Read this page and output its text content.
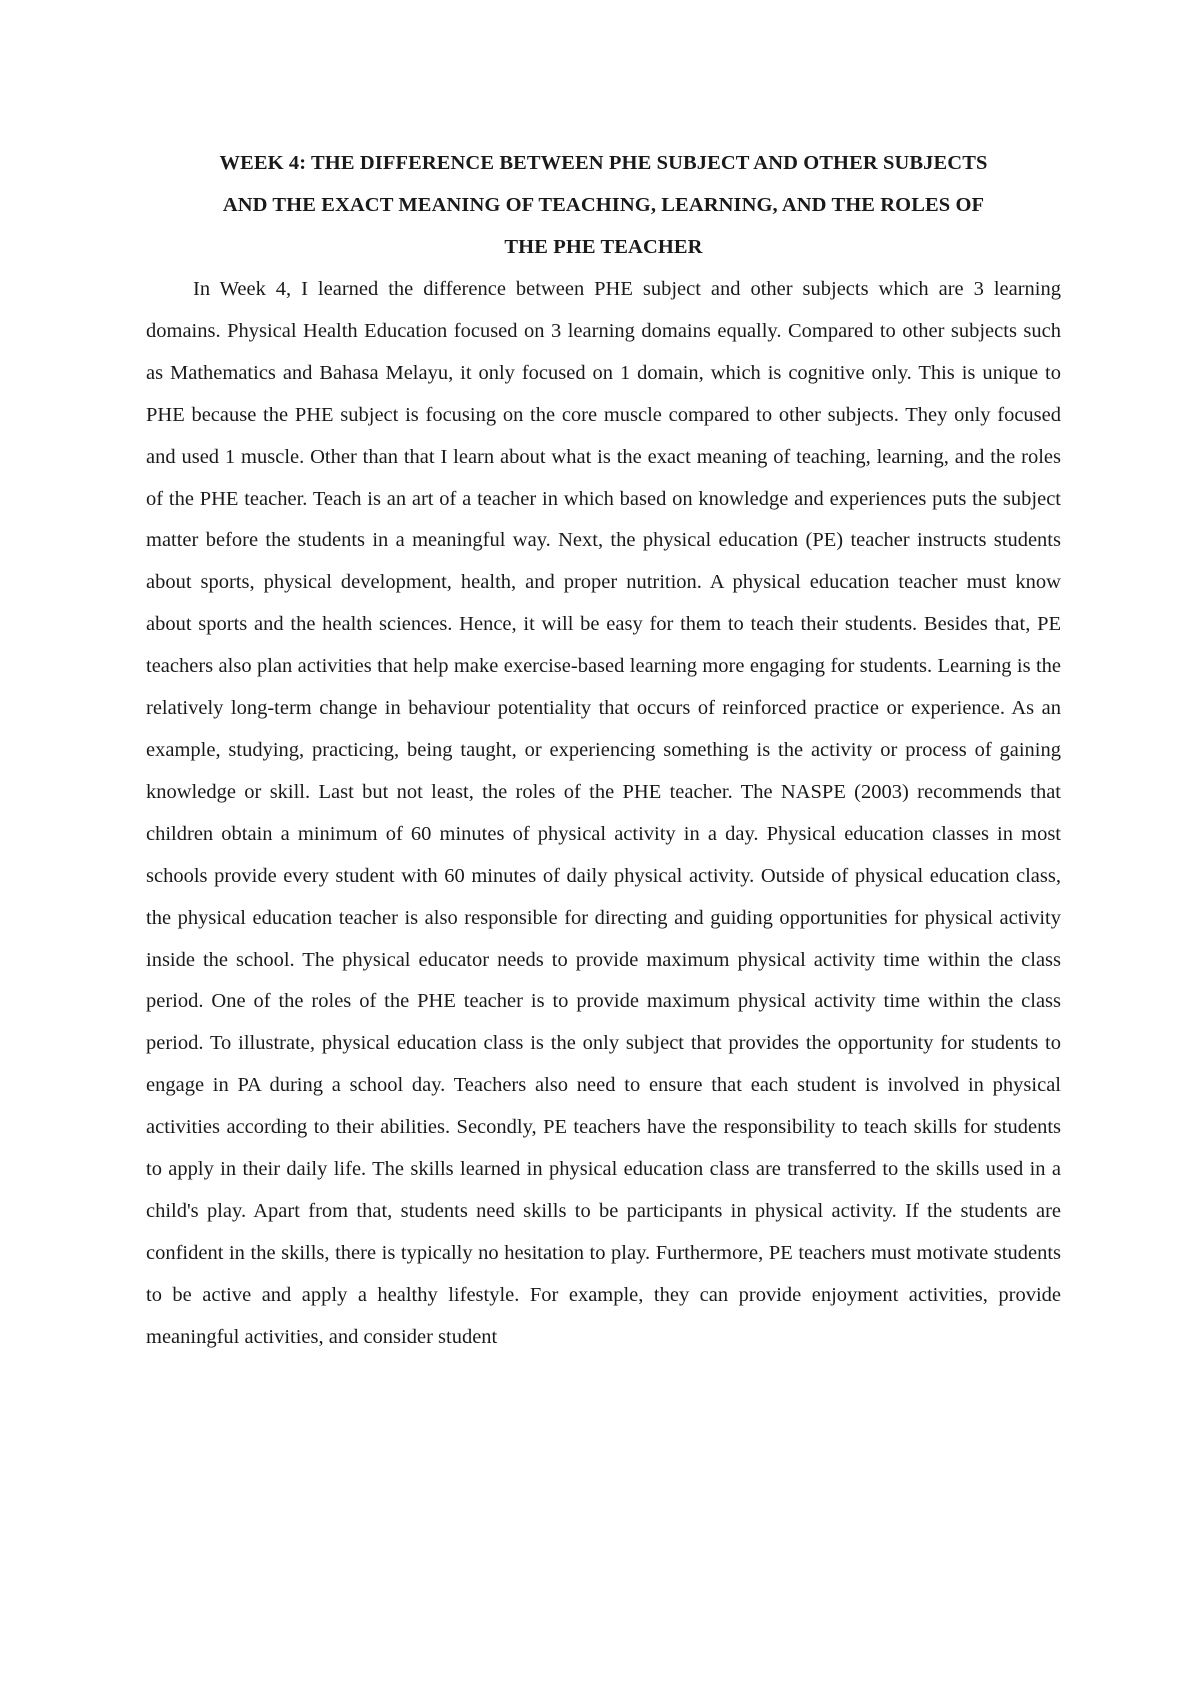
WEEK 4: THE DIFFERENCE BETWEEN PHE SUBJECT AND OTHER SUBJECTS
AND THE EXACT MEANING OF TEACHING, LEARNING, AND THE ROLES OF
THE PHE TEACHER

In Week 4, I learned the difference between PHE subject and other subjects which are 3 learning domains. Physical Health Education focused on 3 learning domains equally. Compared to other subjects such as Mathematics and Bahasa Melayu, it only focused on 1 domain, which is cognitive only. This is unique to PHE because the PHE subject is focusing on the core muscle compared to other subjects. They only focused and used 1 muscle. Other than that I learn about what is the exact meaning of teaching, learning, and the roles of the PHE teacher. Teach is an art of a teacher in which based on knowledge and experiences puts the subject matter before the students in a meaningful way. Next, the physical education (PE) teacher instructs students about sports, physical development, health, and proper nutrition. A physical education teacher must know about sports and the health sciences. Hence, it will be easy for them to teach their students. Besides that, PE teachers also plan activities that help make exercise-based learning more engaging for students. Learning is the relatively long-term change in behaviour potentiality that occurs of reinforced practice or experience. As an example, studying, practicing, being taught, or experiencing something is the activity or process of gaining knowledge or skill. Last but not least, the roles of the PHE teacher. The NASPE (2003) recommends that children obtain a minimum of 60 minutes of physical activity in a day. Physical education classes in most schools provide every student with 60 minutes of daily physical activity. Outside of physical education class, the physical education teacher is also responsible for directing and guiding opportunities for physical activity inside the school. The physical educator needs to provide maximum physical activity time within the class period. One of the roles of the PHE teacher is to provide maximum physical activity time within the class period. To illustrate, physical education class is the only subject that provides the opportunity for students to engage in PA during a school day. Teachers also need to ensure that each student is involved in physical activities according to their abilities. Secondly, PE teachers have the responsibility to teach skills for students to apply in their daily life. The skills learned in physical education class are transferred to the skills used in a child's play. Apart from that, students need skills to be participants in physical activity. If the students are confident in the skills, there is typically no hesitation to play. Furthermore, PE teachers must motivate students to be active and apply a healthy lifestyle. For example, they can provide enjoyment activities, provide meaningful activities, and consider student
